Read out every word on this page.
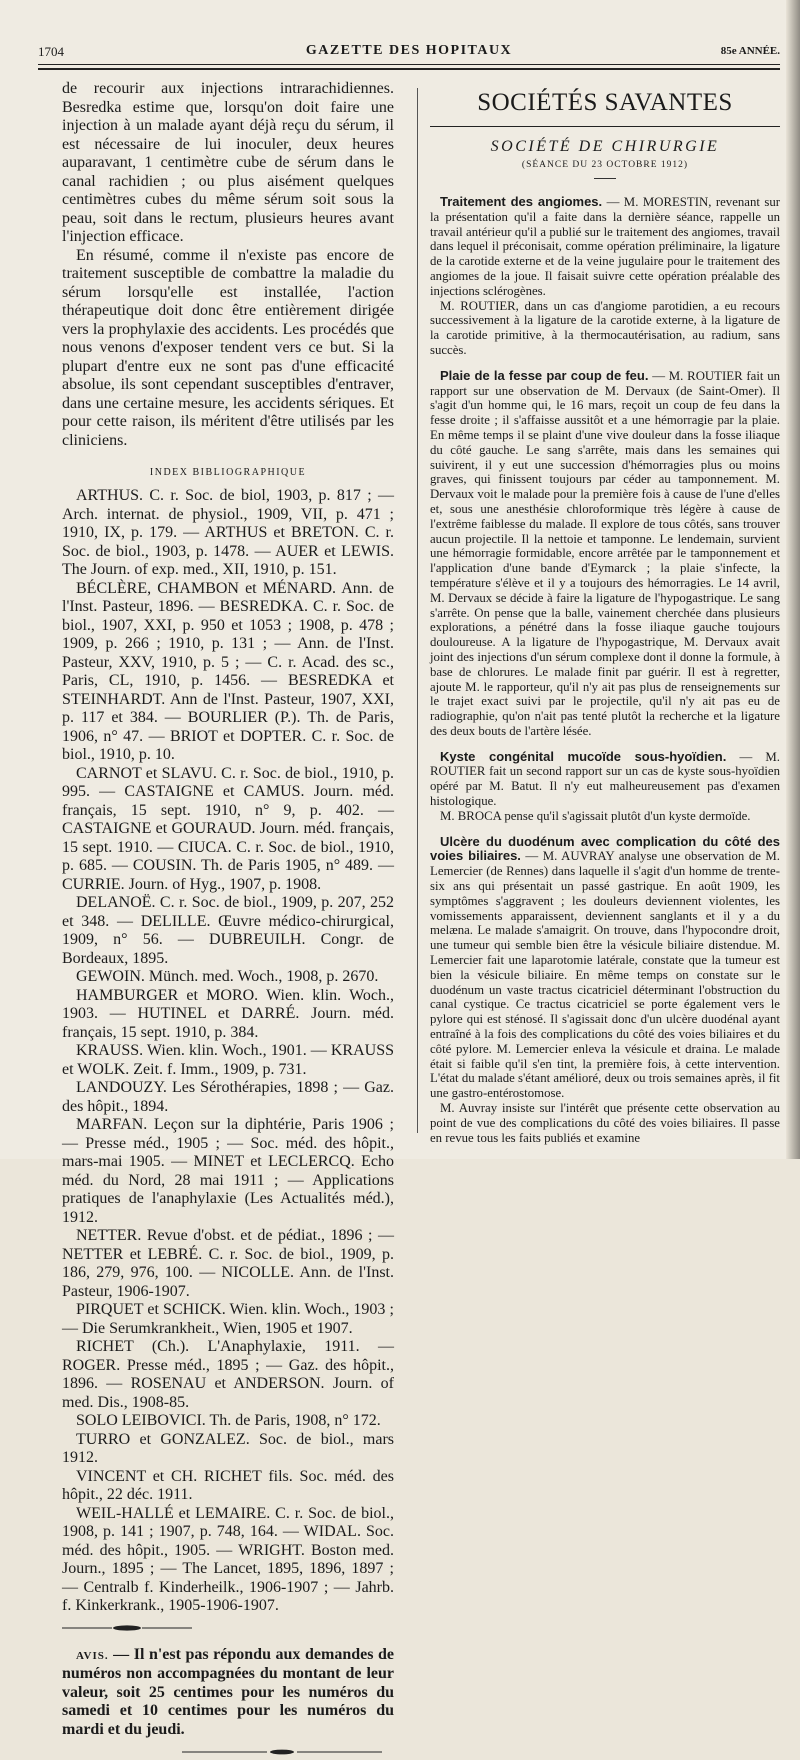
1704	GAZETTE DES HOPITAUX	85e ANNÉE.

de recourir aux injections intrarachidiennes. Besredka estime que, lorsqu'on doit faire une injection à un malade ayant déjà reçu du sérum, il est nécessaire de lui inoculer, deux heures auparavant, 1 centimètre cube de sérum dans le canal rachidien ; ou plus aisément quelques centimètres cubes du même sérum soit sous la peau, soit dans le rectum, plusieurs heures avant l'injection efficace.

En résumé, comme il n'existe pas encore de traitement susceptible de combattre la maladie du sérum lorsqu'elle est installée, l'action thérapeutique doit donc être entièrement dirigée vers la prophylaxie des accidents. Les procédés que nous venons d'exposer tendent vers ce but. Si la plupart d'entre eux ne sont pas d'une efficacité absolue, ils sont cependant susceptibles d'entraver, dans une certaine mesure, les accidents sériques. Et pour cette raison, ils méritent d'être utilisés par les cliniciens.

INDEX BIBLIOGRAPHIQUE

ARTHUS. C. r. Soc. de biol, 1903, p. 817 ; — Arch. internat. de physiol., 1909, VII, p. 471 ; 1910, IX, p. 179. — ARTHUS et BRETON. C. r. Soc. de biol., 1903, p. 1478. — AUER et LEWIS. The Journ. of exp. med., XII, 1910, p. 151.

BÉCLÈRE, CHAMBON et MÉNARD. Ann. de l'Inst. Pasteur, 1896. — BESREDKA. C. r. Soc. de biol., 1907, XXI, p. 950 et 1053 ; 1908, p. 478 ; 1909, p. 266 ; 1910, p. 131 ; — Ann. de l'Inst. Pasteur, XXV, 1910, p. 5 ; — C. r. Acad. des sc., Paris, CL, 1910, p. 1456. — BESREDKA et STEINHARDT. Ann de l'Inst. Pasteur, 1907, XXI, p. 117 et 384. — BOURLIER (P.). Th. de Paris, 1906, n° 47. — BRIOT et DOPTER. C. r. Soc. de biol., 1910, p. 10.

CARNOT et SLAVU. C. r. Soc. de biol., 1910, p. 995. — CASTAIGNE et CAMUS. Journ. méd. français, 15 sept. 1910, n° 9, p. 402. — CASTAIGNE et GOURAUD. Journ. méd. français, 15 sept. 1910. — CIUCA. C. r. Soc. de biol., 1910, p. 685. — COUSIN. Th. de Paris 1905, n° 489. — CURRIE. Journ. of Hyg., 1907, p. 1908.

DELANOË. C. r. Soc. de biol., 1909, p. 207, 252 et 348. — DELILLE. Œuvre médico-chirurgical, 1909, n° 56. — DUBREUILH. Congr. de Bordeaux, 1895.

GEWOIN. Münch. med. Woch., 1908, p. 2670.

HAMBURGER et MORO. Wien. klin. Woch., 1903. — HUTINEL et DARRÉ. Journ. méd. français, 15 sept. 1910, p. 384.

KRAUSS. Wien. klin. Woch., 1901. — KRAUSS et WOLK. Zeit. f. Imm., 1909, p. 731.

LANDOUZY. Les Sérothérapies, 1898 ; — Gaz. des hôpit., 1894.

MARFAN. Leçon sur la diphtérie, Paris 1906 ; — Presse méd., 1905 ; — Soc. méd. des hôpit., mars-mai 1905. — MINET et LECLERCQ. Echo méd. du Nord, 28 mai 1911 ; — Applications pratiques de l'anaphylaxie (Les Actualités méd.), 1912.

NETTER. Revue d'obst. et de pédiat., 1896 ; — NETTER et LEBRÉ. C. r. Soc. de biol., 1909, p. 186, 279, 976, 100. — NICOLLE. Ann. de l'Inst. Pasteur, 1906-1907.

PIRQUET et SCHICK. Wien. klin. Woch., 1903 ; — Die Serumkrankheit., Wien, 1905 et 1907.

RICHET (Ch.). L'Anaphylaxie, 1911. — ROGER. Presse méd., 1895 ; — Gaz. des hôpit., 1896. — ROSENAU et ANDERSON. Journ. of med. Dis., 1908-85.

SOLO LEIBOVICI. Th. de Paris, 1908, n° 172.

TURRO et GONZALEZ. Soc. de biol., mars 1912.

VINCENT et CH. RICHET fils. Soc. méd. des hôpit., 22 déc. 1911.

WEIL-HALLÉ et LEMAIRE. C. r. Soc. de biol., 1908, p. 141 ; 1907, p. 748, 164. — WIDAL. Soc. méd. des hôpit., 1905. — WRIGHT. Boston med. Journ., 1895 ; — The Lancet, 1895, 1896, 1897 ; — Centralb f. Kinderheilk., 1906-1907 ; — Jahrb. f. Kinkerkrank., 1905-1906-1907.

AVIS. — Il n'est pas répondu aux demandes de numéros non accompagnées du montant de leur valeur, soit 25 centimes pour les numéros du samedi et 10 centimes pour les numéros du mardi et du jeudi.

SOCIÉTÉS SAVANTES
SOCIÉTÉ DE CHIRURGIE
(SÉANCE DU 23 OCTOBRE 1912)

Traitement des angiomes. — M. MORESTIN, revenant sur la présentation qu'il a faite dans la dernière séance, rappelle un travail antérieur qu'il a publié sur le traitement des angiomes, travail dans lequel il préconisait, comme opération préliminaire, la ligature de la carotide externe et de la veine jugulaire pour le traitement des angiomes de la joue. Il faisait suivre cette opération préalable des injections sclérogènes.

M. ROUTIER, dans un cas d'angiome parotidien, a eu recours successivement à la ligature de la carotide externe, à la ligature de la carotide primitive, à la thermocautérisation, au radium, sans succès.

Plaie de la fesse par coup de feu. — M. ROUTIER fait un rapport sur une observation de M. Dervaux (de Saint-Omer). Il s'agit d'un homme qui, le 16 mars, reçoit un coup de feu dans la fesse droite ; il s'affaisse aussitôt et a une hémorragie par la plaie. En même temps il se plaint d'une vive douleur dans la fosse iliaque du côté gauche. Le sang s'arrête, mais dans les semaines qui suivirent, il y eut une succession d'hémorragies plus ou moins graves, qui finissent toujours par céder au tamponnement. M. Dervaux voit le malade pour la première fois à cause de l'une d'elles et, sous une anesthésie chloroformique très légère à cause de l'extrême faiblesse du malade. Il explore de tous côtés, sans trouver aucun projectile. Il la nettoie et tamponne. Le lendemain, survient une hémorragie formidable, encore arrêtée par le tamponnement et l'application d'une bande d'Eymarck ; la plaie s'infecte, la température s'élève et il y a toujours des hémorragies. Le 14 avril, M. Dervaux se décide à faire la ligature de l'hypogastrique. Le sang s'arrête. On pense que la balle, vainement cherchée dans plusieurs explorations, a pénétré dans la fosse iliaque gauche toujours douloureuse. A la ligature de l'hypogastrique, M. Dervaux avait joint des injections d'un sérum complexe dont il donne la formule, à base de chlorures. Le malade finit par guérir. Il est à regretter, ajoute M. le rapporteur, qu'il n'y ait pas plus de renseignements sur le trajet exact suivi par le projectile, qu'il n'y ait pas eu de radiographie, qu'on n'ait pas tenté plutôt la recherche et la ligature des deux bouts de l'artère lésée.

Kyste congénital mucoïde sous-hyoïdien. — M. ROUTIER fait un second rapport sur un cas de kyste sous-hyoïdien opéré par M. Batut. Il n'y eut malheureusement pas d'examen histologique.

M. BROCA pense qu'il s'agissait plutôt d'un kyste dermoïde.

Ulcère du duodénum avec complication du côté des voies biliaires. — M. AUVRAY analyse une observation de M. Lemercier (de Rennes) dans laquelle il s'agit d'un homme de trente-six ans qui présentait un passé gastrique. En août 1909, les symptômes s'aggravent ; les douleurs deviennent violentes, les vomissements apparaissent, deviennent sanglants et il y a du melæna. Le malade s'amaigrit. On trouve, dans l'hypocondre droit, une tumeur qui semble bien être la vésicule biliaire distendue. M. Lemercier fait une laparotomie latérale, constate que la tumeur est bien la vésicule biliaire. En même temps on constate sur le duodénum un vaste tractus cicatriciel déterminant l'obstruction du canal cystique. Ce tractus cicatriciel se porte également vers le pylore qui est sténosé. Il s'agissait donc d'un ulcère duodénal ayant entraîné à la fois des complications du côté des voies biliaires et du côté pylore. M. Lemercier enleva la vésicule et draina. Le malade était si faible qu'il s'en tint, la première fois, à cette intervention. L'état du malade s'étant amélioré, deux ou trois semaines après, il fit une gastro-entérostomose.

M. Auvray insiste sur l'intérêt que présente cette observation au point de vue des complications du côté des voies biliaires. Il passe en revue tous les faits publiés et examine
